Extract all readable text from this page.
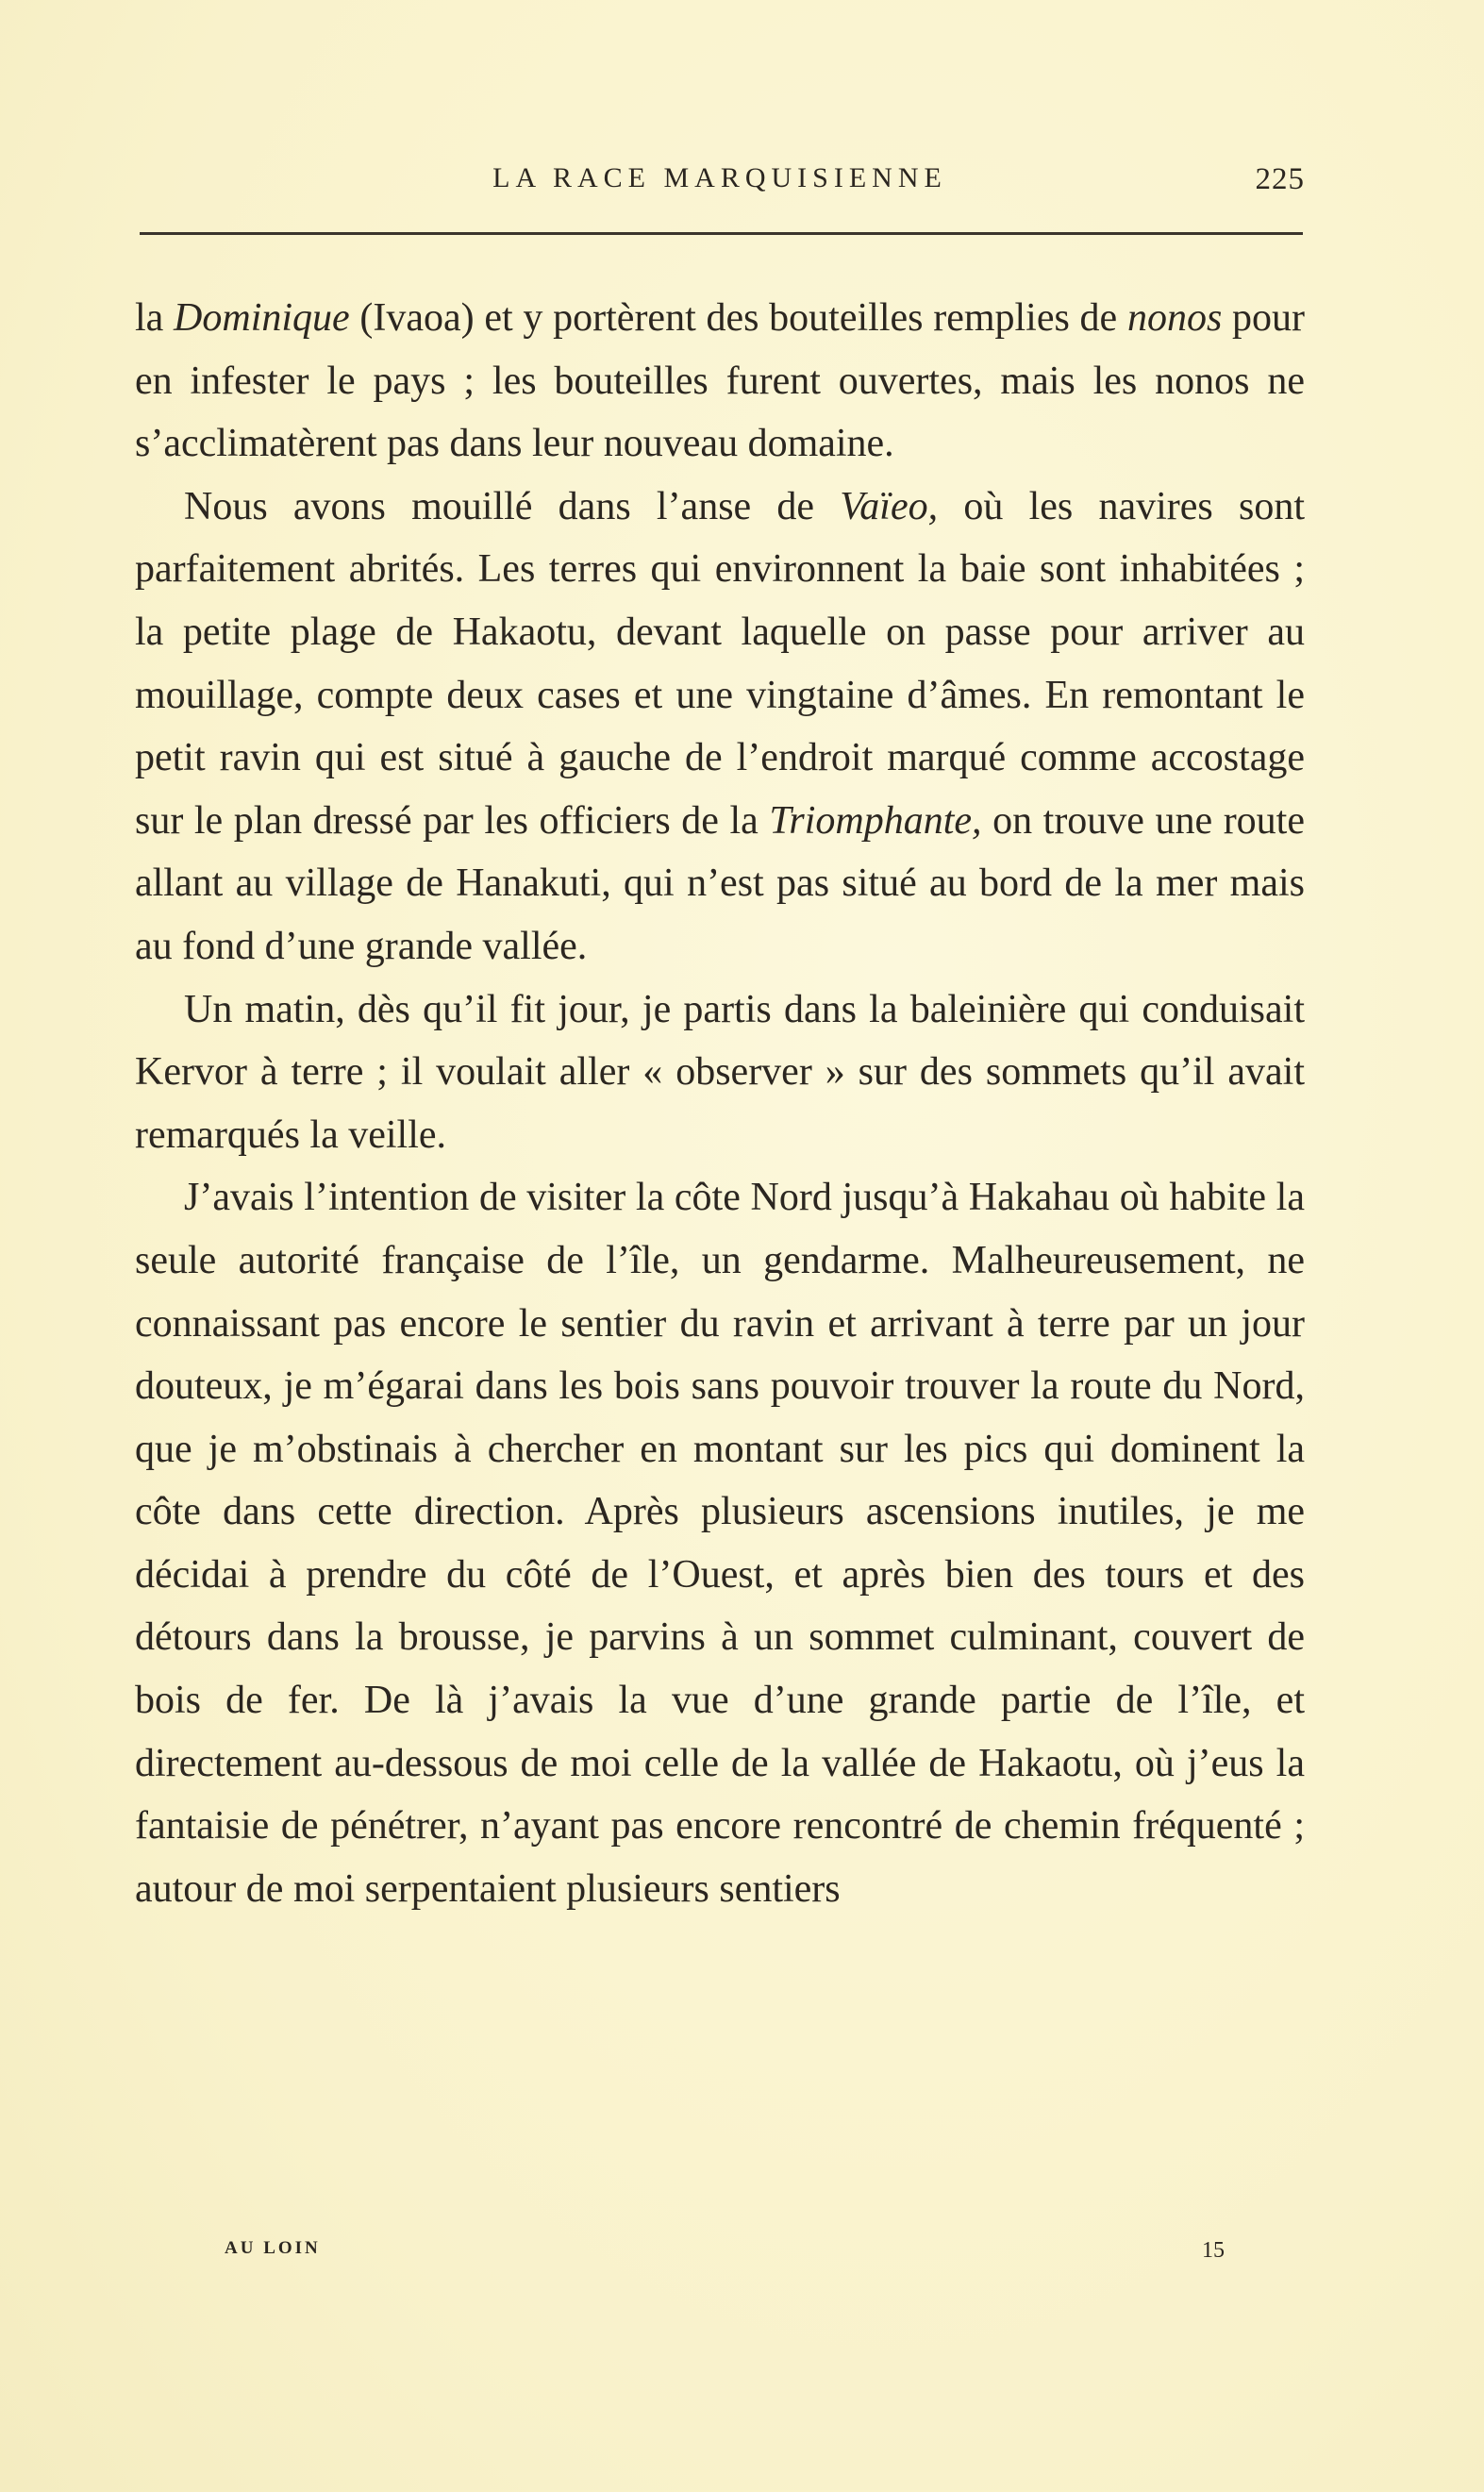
LA RACE MARQUISIENNE	225

la Dominique (Ivaoa) et y portèrent des bouteilles remplies de nonos pour en infester le pays ; les bouteilles furent ouvertes, mais les nonos ne s’acclimatèrent pas dans leur nouveau domaine.

Nous avons mouillé dans l’anse de Vaïeo, où les navires sont parfaitement abrités. Les terres qui environnent la baie sont inhabitées ; la petite plage de Hakaotu, devant laquelle on passe pour arriver au mouillage, compte deux cases et une vingtaine d’âmes. En remontant le petit ravin qui est situé à gauche de l’endroit marqué comme accostage sur le plan dressé par les officiers de la Triomphante, on trouve une route allant au village de Hanakuti, qui n’est pas situé au bord de la mer mais au fond d’une grande vallée.

Un matin, dès qu’il fit jour, je partis dans la baleinière qui conduisait Kervor à terre ; il voulait aller « observer » sur des sommets qu’il avait remarqués la veille.

J’avais l’intention de visiter la côte Nord jusqu’à Hakahau où habite la seule autorité française de l’île, un gendarme. Malheureusement, ne connaissant pas encore le sentier du ravin et arrivant à terre par un jour douteux, je m’égarai dans les bois sans pouvoir trouver la route du Nord, que je m’obstinais à chercher en montant sur les pics qui dominent la côte dans cette direction. Après plusieurs ascensions inutiles, je me décidai à prendre du côté de l’Ouest, et après bien des tours et des détours dans la brousse, je parvins à un sommet culminant, couvert de bois de fer. De là j’avais la vue d’une grande partie de l’île, et directement au-dessous de moi celle de la vallée de Hakaotu, où j’eus la fantaisie de pénétrer, n’ayant pas encore rencontré de chemin fréquenté ; autour de moi serpentaient plusieurs sentiers

AU LOIN	15
